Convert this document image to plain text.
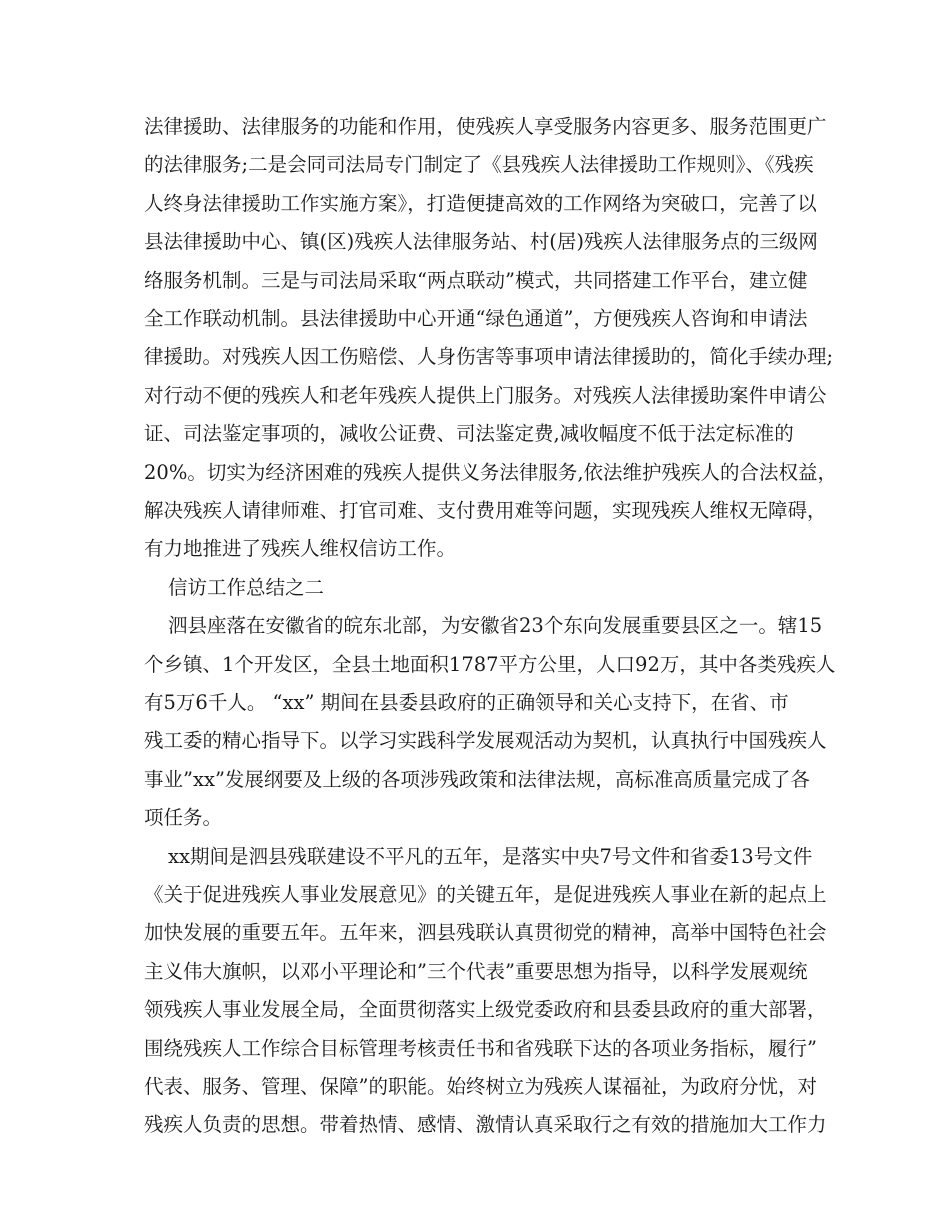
法律援助、法律服务的功能和作用，使残疾人享受服务内容更多、服务范围更广
的法律服务;二是会同司法局专门制定了《县残疾人法律援助工作规则》、《残疾
人终身法律援助工作实施方案》，打造便捷高效的工作网络为突破口，完善了以
县法律援助中心、镇(区)残疾人法律服务站、村(居)残疾人法律服务点的三级网
络服务机制。三是与司法局采取“两点联动”模式，共同搭建工作平台，建立健
全工作联动机制。县法律援助中心开通“绿色通道”，方便残疾人咨询和申请法
律援助。对残疾人因工伤赔偿、人身伤害等事项申请法律援助的，简化手续办理;
对行动不便的残疾人和老年残疾人提供上门服务。对残疾人法律援助案件申请公
证、司法鉴定事项的，减收公证费、司法鉴定费,减收幅度不低于法定标准的
20%。切实为经济困难的残疾人提供义务法律服务,依法维护残疾人的合法权益，
解决残疾人请律师难、打官司难、支付费用难等问题，实现残疾人维权无障碍，
有力地推进了残疾人维权信访工作。
信访工作总结之二
泗县座落在安徽省的皖东北部，为安徽省23个东向发展重要县区之一。辖15
个乡镇、1个开发区，全县土地面积1787平方公里，人口92万，其中各类残疾人
有5万6千人。 “xx” 期间在县委县政府的正确领导和关心支持下，在省、市
残工委的精心指导下。以学习实践科学发展观活动为契机，认真执行中国残疾人
事业”xx”发展纲要及上级的各项涉残政策和法律法规，高标准高质量完成了各
项任务。
xx期间是泗县残联建设不平凡的五年，是落实中央7号文件和省委13号文件
《关于促进残疾人事业发展意见》的关键五年，是促进残疾人事业在新的起点上
加快发展的重要五年。五年来，泗县残联认真贯彻党的精神，高举中国特色社会
主义伟大旗帜，以邓小平理论和”三个代表”重要思想为指导，以科学发展观统
领残疾人事业发展全局，全面贯彻落实上级党委政府和县委县政府的重大部署，
围绕残疾人工作综合目标管理考核责任书和省残联下达的各项业务指标，履行”
代表、服务、管理、保障”的职能。始终树立为残疾人谋福祉，为政府分忧，对
残疾人负责的思想。带着热情、感情、激情认真采取行之有效的措施加大工作力
